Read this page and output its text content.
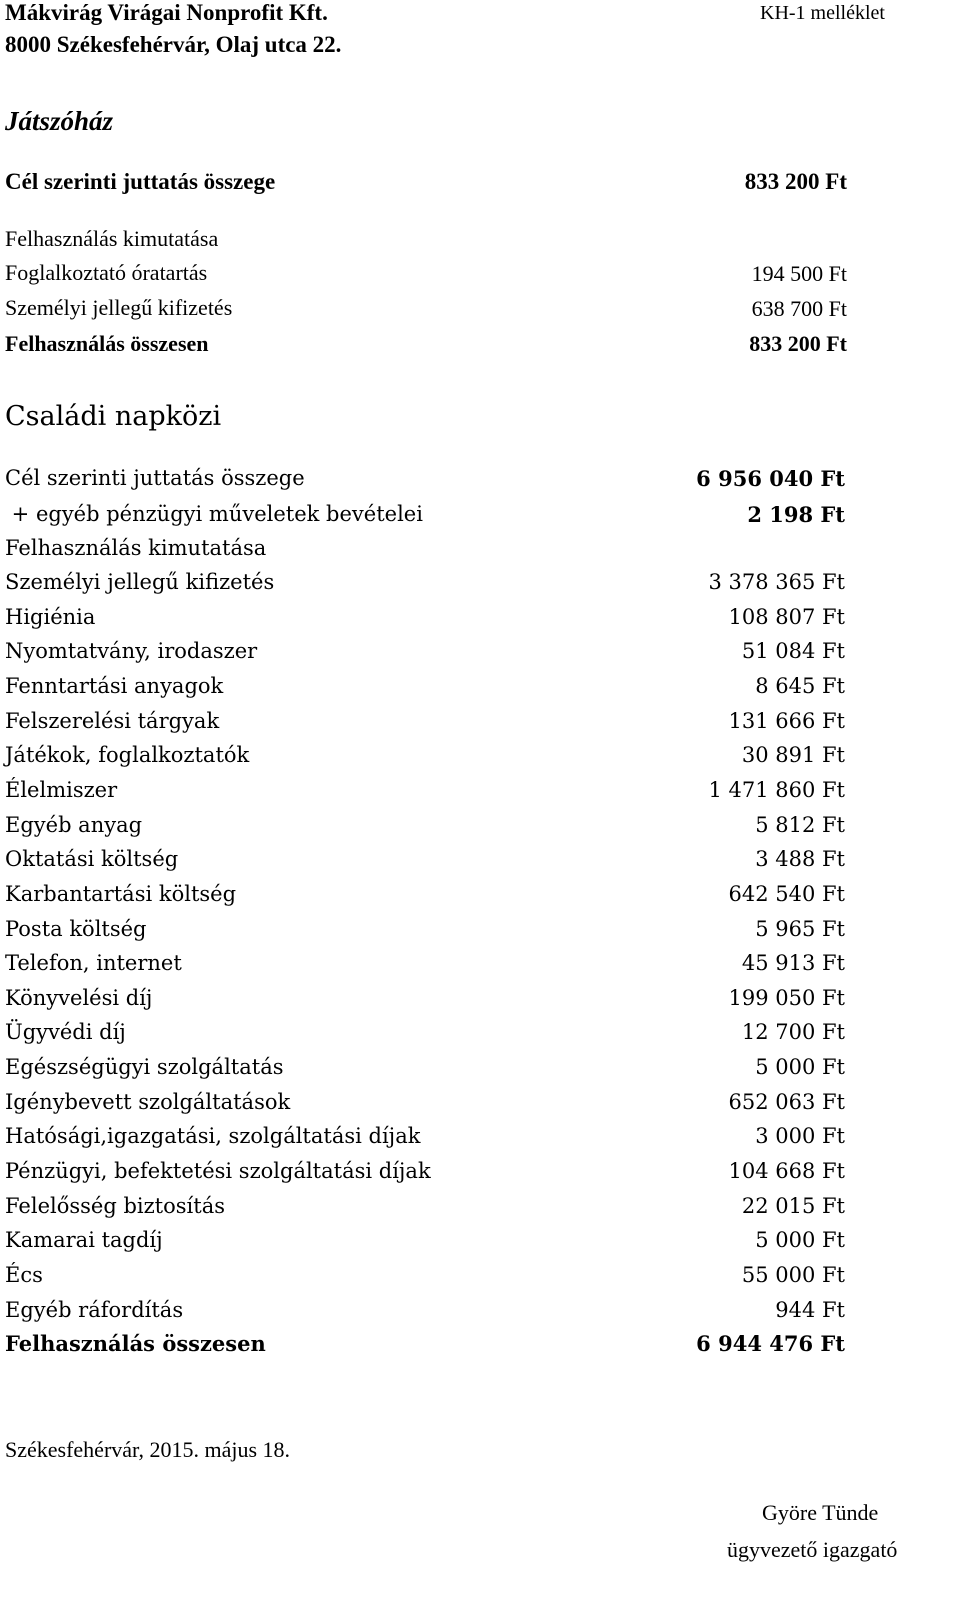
Mákvirág Virágai Nonprofit Kft.
8000 Székesfehérvár, Olaj utca 22.
KH-1 melléklet
Játszóház
Cél szerinti juttatás összege	833 200 Ft
Felhasználás kimutatása
Foglalkoztató óratartás	194 500 Ft
Személyi jellegű kifizetés	638 700 Ft
Felhasználás összesen	833 200 Ft
Családi napközi
Cél szerinti juttatás összege	6 956 040 Ft
+ egyéb pénzügyi műveletek bevételei	2 198 Ft
Felhasználás kimutatása
Személyi jellegű kifizetés	3 378 365 Ft
Higiénia	108 807 Ft
Nyomtatvány, irodaszer	51 084 Ft
Fenntartási anyagok	8 645 Ft
Felszerelési tárgyak	131 666 Ft
Játékok, foglalkoztatók	30 891 Ft
Élelmiszer	1 471 860 Ft
Egyéb anyag	5 812 Ft
Oktatási költség	3 488 Ft
Karbantartási költség	642 540 Ft
Posta költség	5 965 Ft
Telefon, internet	45 913 Ft
Könyvelési díj	199 050 Ft
Ügyvédi díj	12 700 Ft
Egészségügyi szolgáltatás	5 000 Ft
Igénybevett szolgáltatások	652 063 Ft
Hatósági,igazgatási, szolgáltatási díjak	3 000 Ft
Pénzügyi, befektetési szolgáltatási díjak	104 668 Ft
Felelősség biztosítás	22 015 Ft
Kamarai tagdíj	5 000 Ft
Écs	55 000 Ft
Egyéb ráfordítás	944 Ft
Felhasználás összesen	6 944 476 Ft
Székesfehérvár, 2015. május 18.
Györe Tünde
ügyvezető igazgató
